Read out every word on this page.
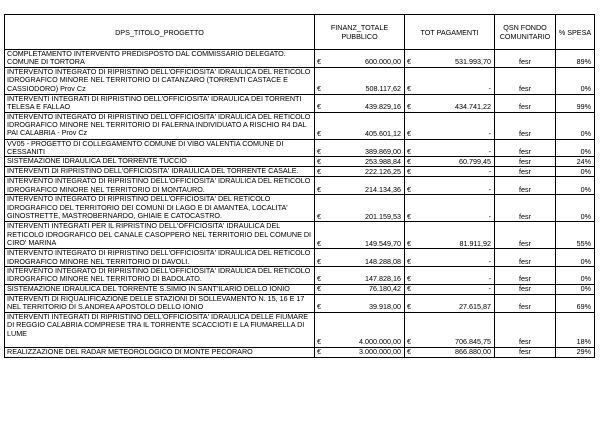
DPS_TITOLO_PROGETTO	FINANZ_TOTALE PUBBLICO		TOT PAGAMENTI		QSN FONDO COMUNITARIO	% SPESA
COMPLETAMENTO INTERVENTO PREDISPOSTO DAL COMMISSARIO DELEGATO. COMUNE DI TORTORA	€	600.000,00	€	531.993,70	fesr	89%
INTERVENTO INTEGRATO DI RIPRISTINO DELL'OFFICIOSITA' IDRAULICA DEL RETICOLO IDROGRAFICO MINORE NEL TERRITORIO DI CATANZARO (TORRENTI CASTACE E CASSIODORO) Prov Cz	€	508.117,62	€	-	fesr	0%
INTERVENTI INTEGRATI DI RIPRISTINO DELL'OFFICIOSITA' IDRAULICA DEI TORRENTI TELESA E FALLAO	€	439.829,16	€	434.741,22	fesr	99%
INTERVENTO INTEGRATO DI RIPRISTINO DELL'OFFICIOSITA' IDRAULICA DEL RETICOLO IDROGRAFICO MINORE NEL TERRITORIO DI FALERNA INDIVIDUATO A RISCHIO R4 DAL PAI CALABRIA - Prov Cz	€	405.601,12	€	-	fesr	0%
VV05 - PROGETTO DI COLLEGAMENTO COMUNE DI VIBO VALENTIA COMUNE DI CESSANITI	€	389.869,00	€	-	fesr	0%
SISTEMAZIONE IDRAULICA DEL TORRENTE TUCCIO	€	253.988,84	€	60.799,45	fesr	24%
INTERVENTI DI RIPRISTINO DELL'OFFICIOSITA' IDRAULICA DEL TORRENTE CASALE.	€	222.126,25	€	-	fesr	0%
INTERVENTO INTEGRATO DI RIPRISTINO DELL'OFFICIOSITA' IDRAULICA DEL RETICOLO IDROGRAFICO MINORE NEL TERRITORIO DI MONTAURO.	€	214.134,36	€	-	fesr	0%
INTERVENTO INTEGRATO DI RIPRISTINO DELL'OFFICIOSITA' DEL RETICOLO IDROGRAFICO DEL TERRITORIO DEI COMUNI DI LAGO E DI AMANTEA, LOCALITA' GINOSTRETTE, MASTROBERNARDO, GHIAIE E CATOCASTRO.	€	201.159,53	€	-	fesr	0%
INTERVENTI INTEGRATI PER IL RIPRISTINO DELL'OFFICIOSITA' IDRAULICA DEL RETICOLO IDROGRAFICO DEL CANALE CASOPPERO NEL TERRITORIO DEL COMUNE DI CIRO' MARINA	€	149.549,70	€	81.911,92	fesr	55%
INTERVENTO INTEGRATO DI RIPRISTINO DELL'OFFICIOSITA' IDRAULICA DEL RETICOLO IDROGRAFICO MINORE NEL TERRITORIO DI DAVOLI.	€	148.288,08	€	-	fesr	0%
INTERVENTO INTEGRATO DI RIPRISTINO DELL'OFFICIOSITA' IDRAULICA DEL RETICOLO IDROGRAFICO MINORE NEL TERRITORIO DI BADOLATO.	€	147.828,16	€	-	fesr	0%
SISTEMAZIONE IDRAULICA DEL TORRENTE S.SIMIO IN SANT'ILARIO DELLO IONIO	€	76.180,42	€	-	fesr	0%
INTERVENTI DI RIQUALIFICAZIONE DELLE STAZIONI DI SOLLEVAMENTO N. 15, 16 E 17 NEL TERRITORIO DI S.ANDREA APOSTOLO DELLO IONIO	€	39.918,00	€	27.615,87	fesr	69%
INTERVENTI INTEGRATI DI RIPRISTINO DELL'OFFICIOSITA' IDRAULICA DELLE FIUMARE DI REGGIO CALABRIA COMPRESE TRA IL TORRENTE SCACCIOTI E LA FIUMARELLA DI LUME	€	4.000.000,00	€	706.845,75	fesr	18%
REALIZZAZIONE DEL RADAR METEOROLOGICO DI MONTE PECORARO	€	3.000.000,00	€	866.880,00	fesr	29%
